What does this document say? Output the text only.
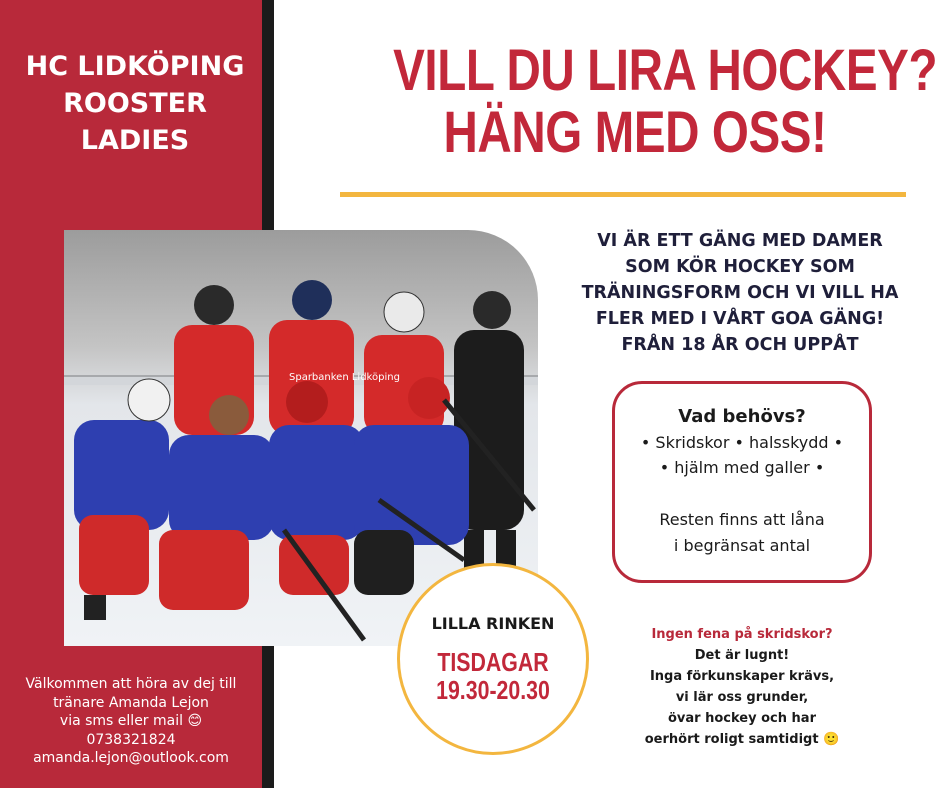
HC LIDKÖPING
ROOSTER
LADIES
VILL DU LIRA HOCKEY?
HÄNG MED OSS!
Sparbanken Lidköping
VI ÄR ETT GÄNG MED DAMER
SOM KÖR HOCKEY SOM
TRÄNINGSFORM OCH VI VILL HA
FLER MED I VÅRT GOA GÄNG!
FRÅN 18 ÅR OCH UPPÅT
Vad behövs?
• Skridskor • halsskydd •
• hjälm med galler •
Resten finns att låna
i begränsat antal
LILLA RINKEN
TISDAGAR
19.30-20.30
Ingen fena på skridskor?
Det är lugnt!
Inga förkunskaper krävs,
vi lär oss grunder,
övar hockey och har
oerhört roligt samtidigt 🙂
Välkommen att höra av dej till
tränare Amanda Lejon
via sms eller mail 😊
0738321824
amanda.lejon@outlook.com
